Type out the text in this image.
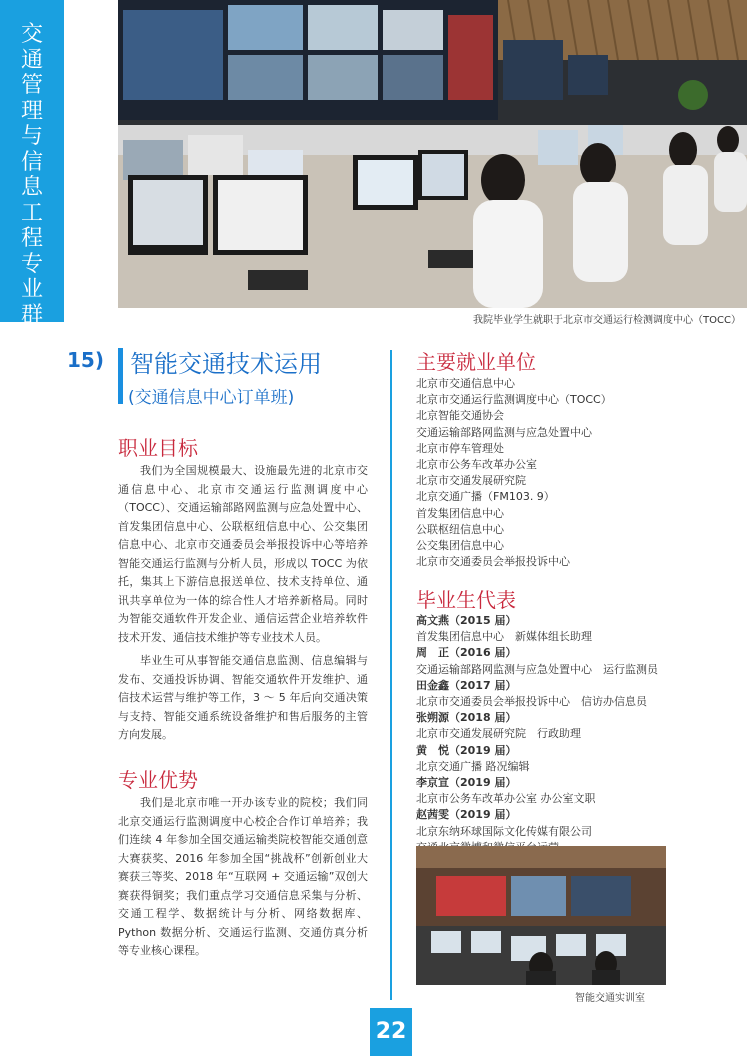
交通管理与信息工程专业群	我院毕业学生就职于北京市交通运行检测调度中心（TOCC）
15) 智能交通技术运用
(交通信息中心订单班)
职业目标
我们为全国规模最大、设施最先进的北京市交通信息中心、北京市交通运行监测调度中心（TOCC）、交通运输部路网监测与应急处置中心、首发集团信息中心、公联枢纽信息中心、公交集团信息中心、北京市交通委员会举报投诉中心等培养智能交通运行监测与分析人员，形成以 TOCC 为依托，集其上下游信息报送单位、技术支持单位、通讯共享单位为一体的综合性人才培养新格局。同时为智能交通软件开发企业、通信运营企业培养软件技术开发、通信技术维护等专业技术人员。
毕业生可从事智能交通信息监测、信息编辑与发布、交通投诉协调、智能交通软件开发维护、通信技术运营与维护等工作，3 ～ 5 年后向交通决策与支持、智能交通系统设备维护和售后服务的主管方向发展。
专业优势
我们是北京市唯一开办该专业的院校；我们同北京交通运行监测调度中心校企合作订单培养；我们连续 4 年参加全国交通运输类院校智能交通创意大赛获奖、2016 年参加全国“挑战杯”创新创业大赛获三等奖、2018 年“互联网 + 交通运输”双创大赛获得铜奖；我们重点学习交通信息采集与分析、交通工程学、数据统计与分析、网络数据库、Python 数据分析、交通运行监测、交通仿真分析等专业核心课程。
主要就业单位
北京市交通信息中心
北京市交通运行监测调度中心（TOCC）
北京智能交通协会
交通运输部路网监测与应急处置中心
北京市停车管理处
北京市公务车改革办公室
北京市交通发展研究院
北京交通广播（FM103. 9）
首发集团信息中心
公联枢纽信息中心
公交集团信息中心
北京市交通委员会举报投诉中心
毕业生代表
高文燕（2015 届）
首发集团信息中心　新媒体组长助理
周　正（2016 届）
交通运输部路网监测与应急处置中心　运行监测员
田金鑫（2017 届）
北京市交通委员会举报投诉中心　信访办信息员
张朔源（2018 届）
北京市交通发展研究院　行政助理
黄　悦（2019 届）
北京交通广播 路况编辑
李京宣（2019 届）
北京市公务车改革办公室 办公室文职
赵茜雯（2019 届）
北京东纳环球国际文化传媒有限公司

智能交通实训室
22
